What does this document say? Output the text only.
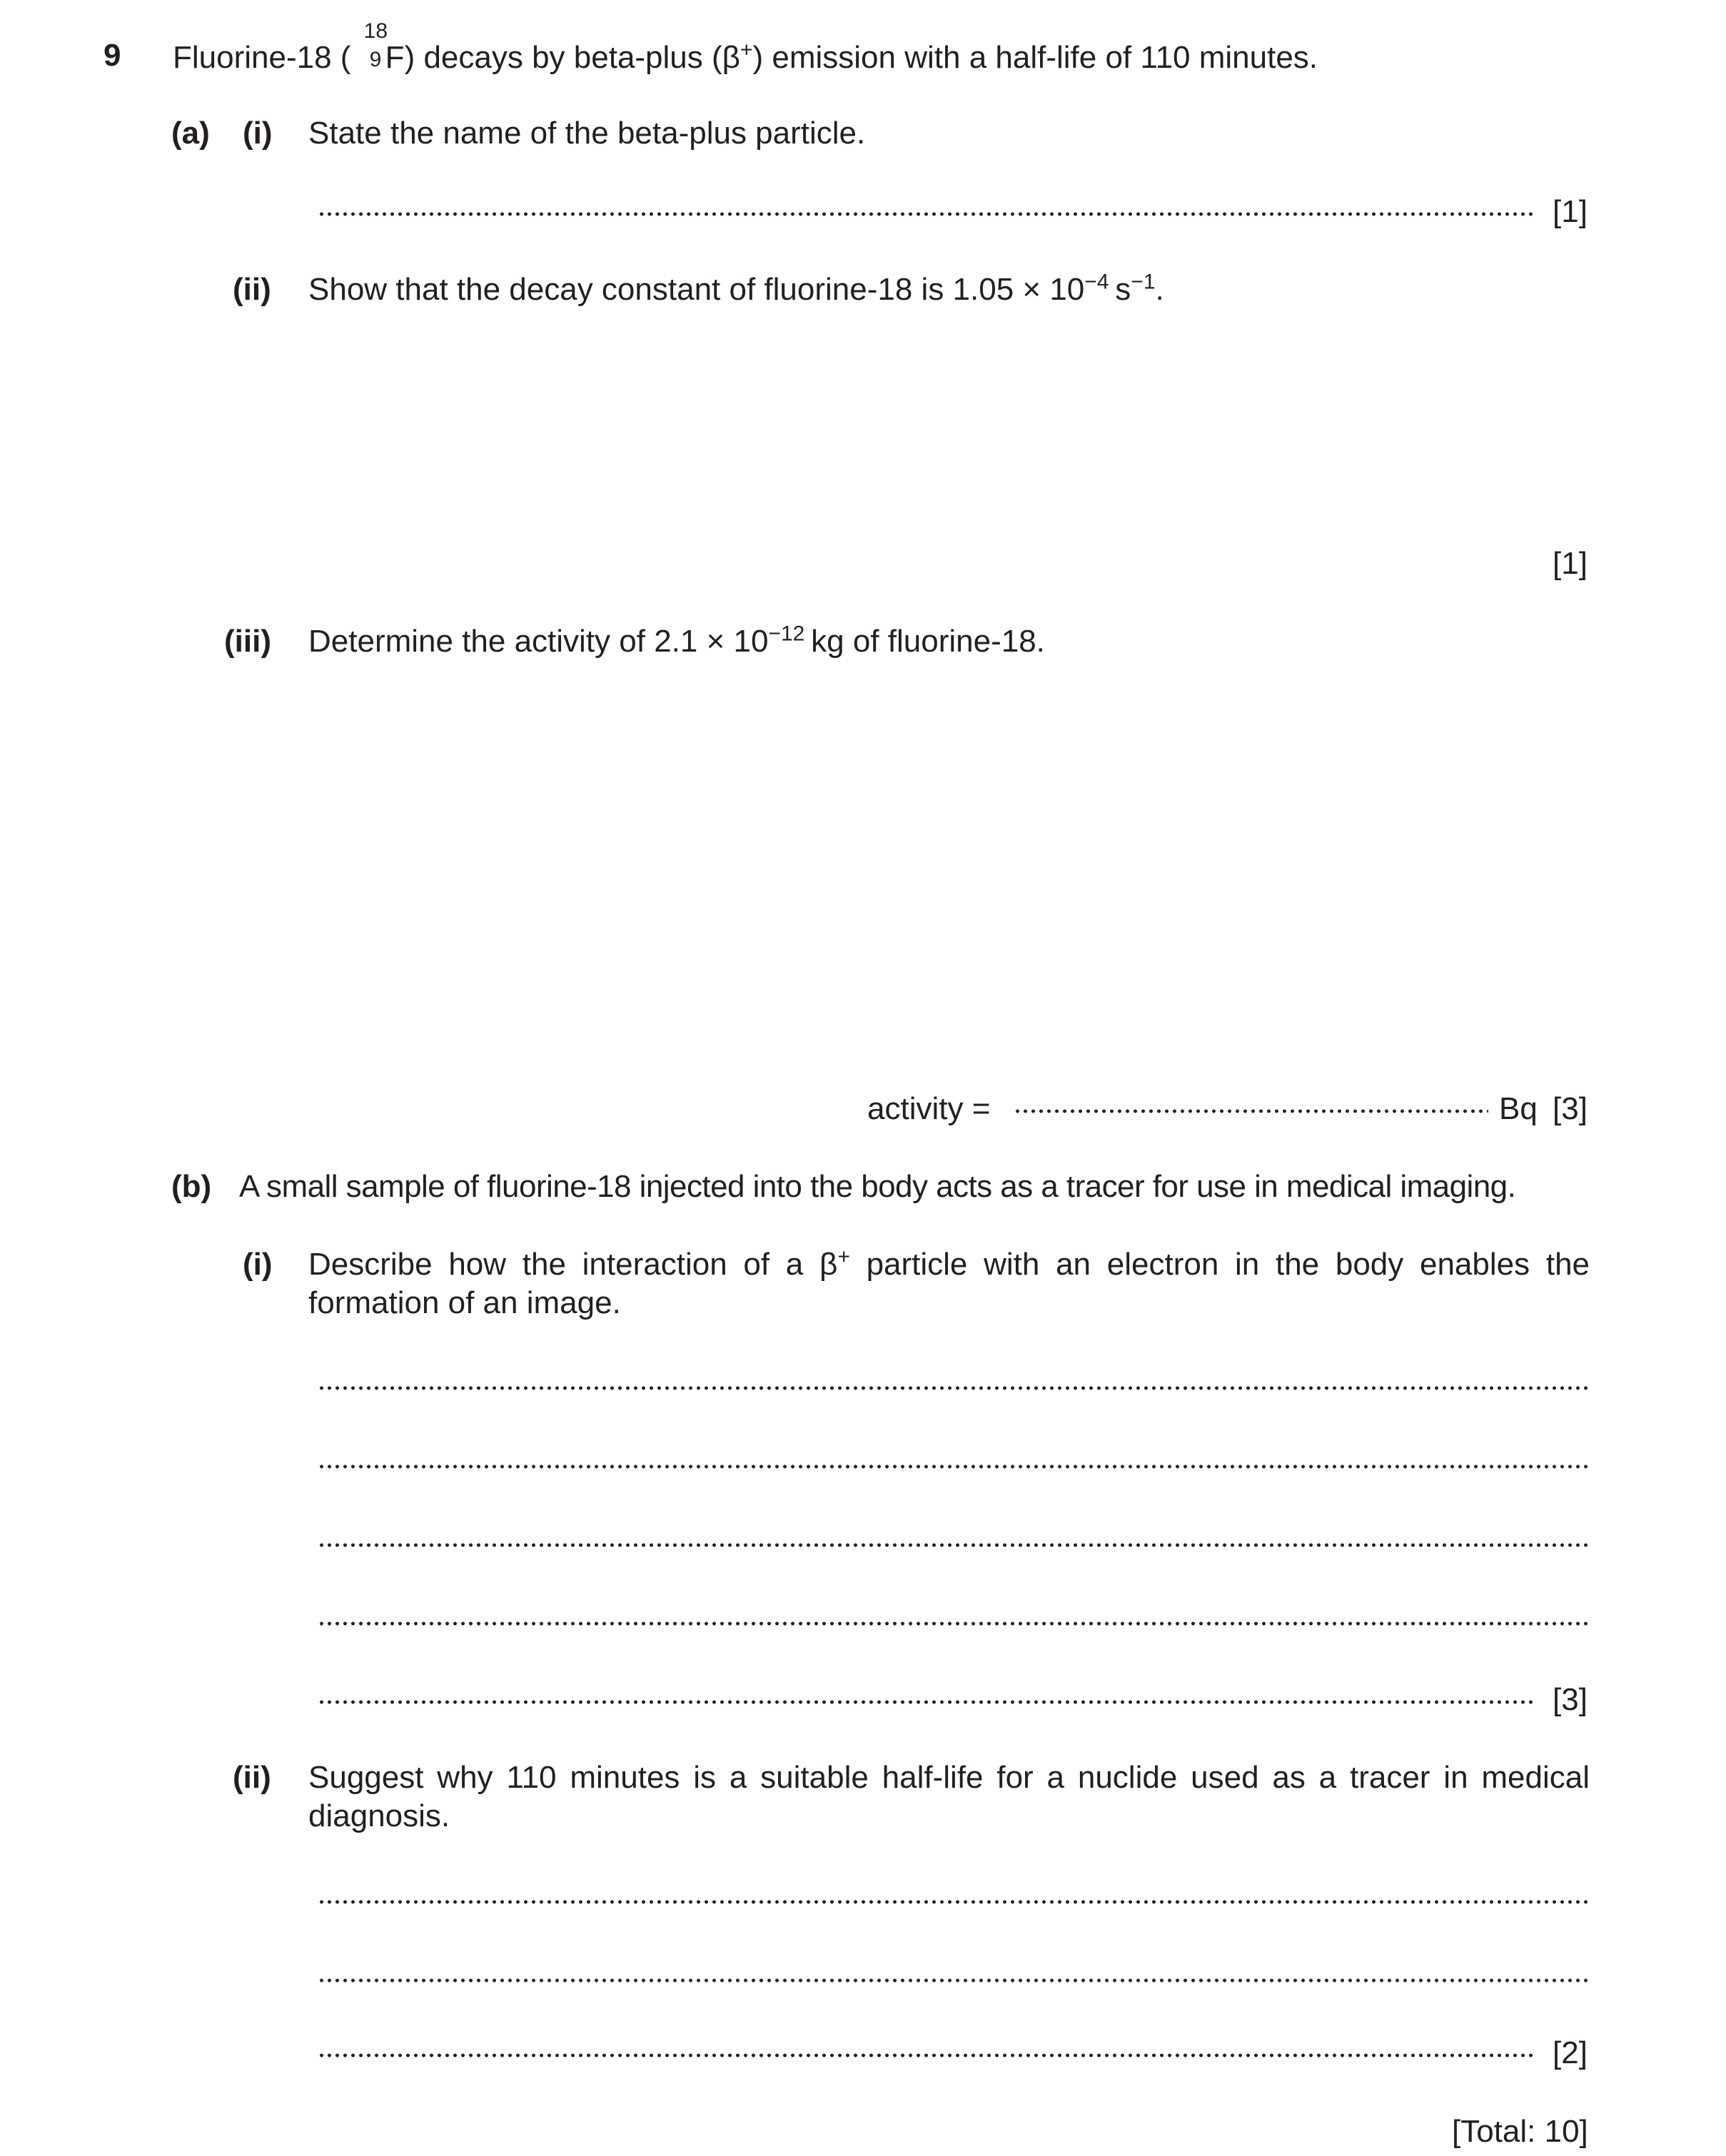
9 Fluorine-18 (
18
9 F) decays by beta-plus (β+) emission with a half-life of 110 minutes.
(a) (i) State the name of the beta-plus particle.
[1]
(ii) Show that the decay constant of fluorine-18 is $1.05 \times 10^{-4}$  $s^{-1}$.
[1]
(iii) Determine the activity of $2.1 \times 10^{-12}$  kg of fluorine-18.
activity =	Bq [3]
(b) A small sample of fluorine-18 injected into the body acts as a tracer for use in medical imaging.
(i) Describe how the interaction of a β+ particle with an electron in the body enables the formation of an image.
[3]
(ii) Suggest why 110 minutes is a suitable half-life for a nuclide used as a tracer in medical diagnosis.
[2]
[Total: 10]
